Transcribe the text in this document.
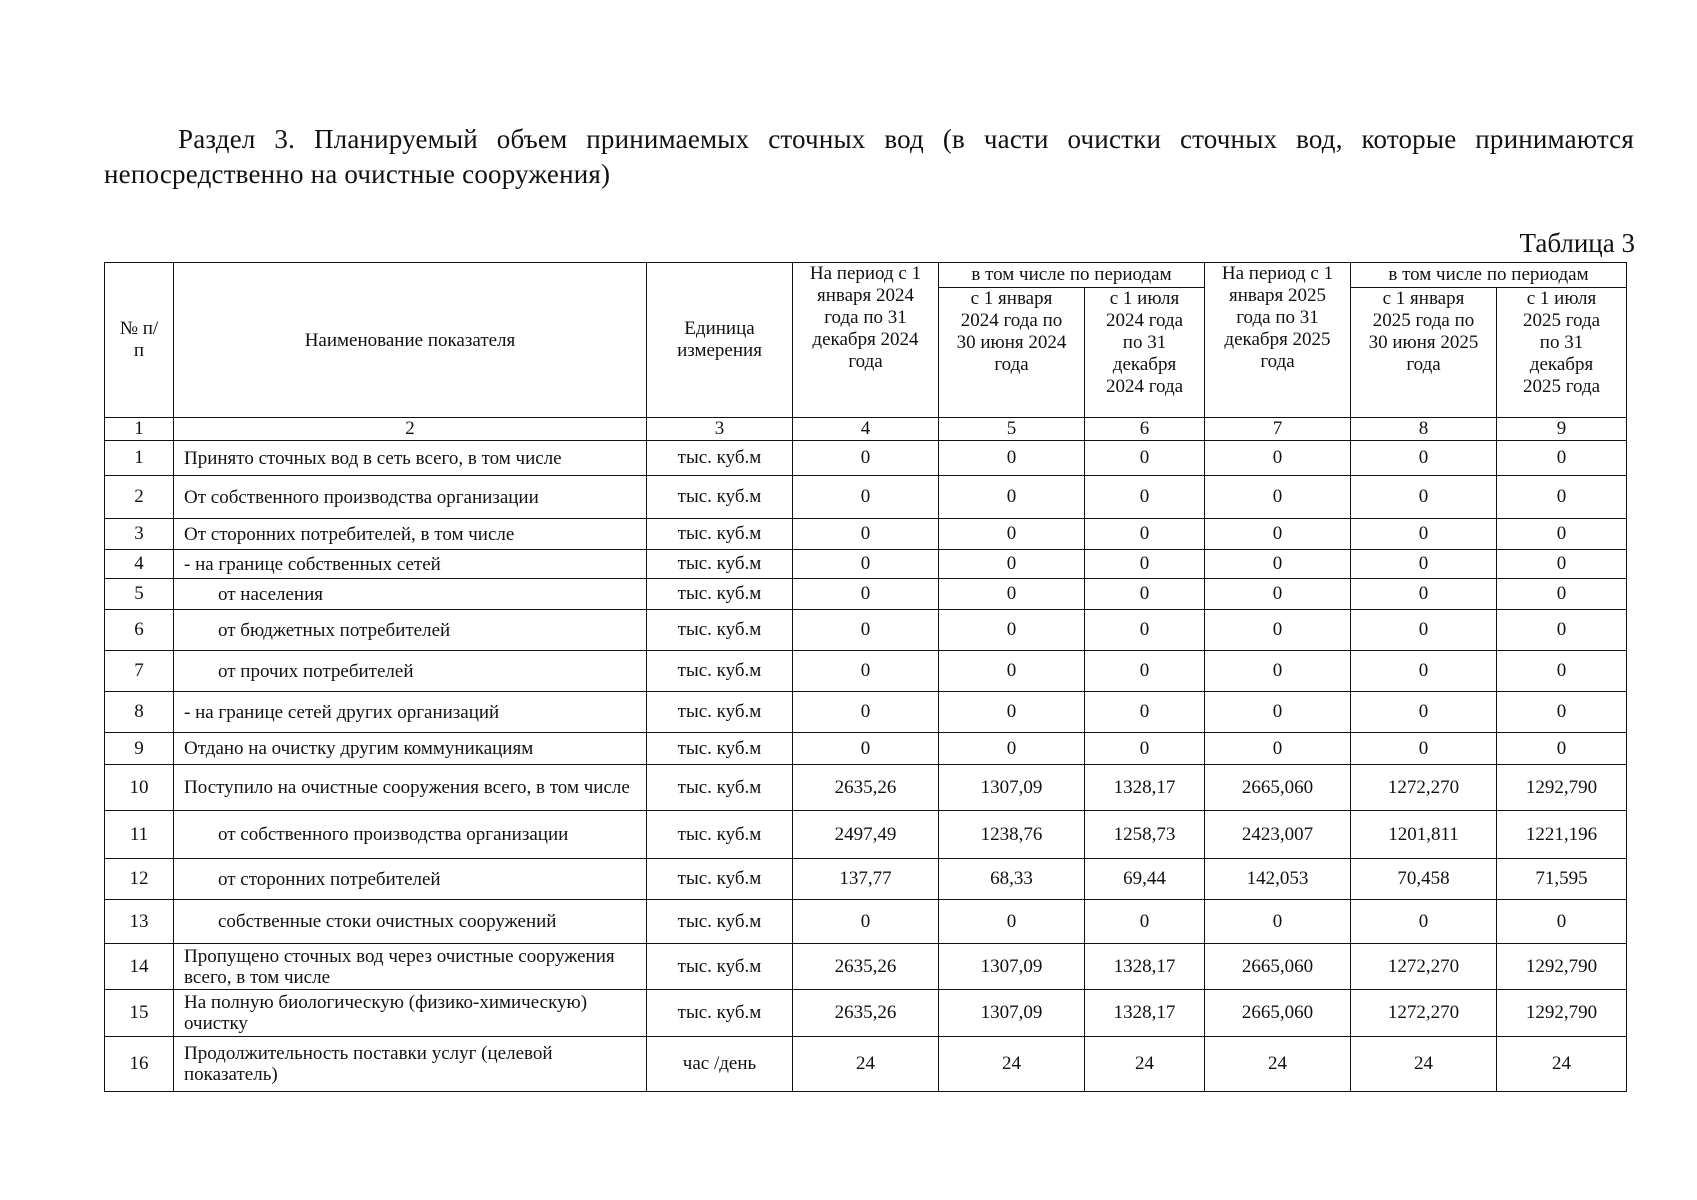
Раздел 3. Планируемый объем принимаемых сточных вод (в части очистки сточных вод, которые принимаются непосредственно на очистные сооружения)
Таблица 3
№ п/п	Наименование показателя	Единица измерения	На период с 1 января 2024 года по 31 декабря 2024 года	в том числе по периодам		На период с 1 января 2025 года по 31 декабря 2025 года	в том числе по периодам	
				с 1 января 2024 года по 30 июня 2024 года	с 1 июля 2024 года по 31 декабря 2024 года		с 1 января 2025 года по 30 июня 2025 года	с 1 июля 2025 года по 31 декабря 2025 года
1	2	3	4	5	6	7	8	9
1	Принято сточных вод в сеть всего, в том числе	тыс. куб.м	0	0	0	0	0	0
2	От собственного производства организации	тыс. куб.м	0	0	0	0	0	0
3	От сторонних потребителей, в том числе	тыс. куб.м	0	0	0	0	0	0
4	- на границе собственных сетей	тыс. куб.м	0	0	0	0	0	0
5	от населения	тыс. куб.м	0	0	0	0	0	0
6	от бюджетных потребителей	тыс. куб.м	0	0	0	0	0	0
7	от прочих потребителей	тыс. куб.м	0	0	0	0	0	0
8	- на границе сетей других организаций	тыс. куб.м	0	0	0	0	0	0
9	Отдано на очистку другим коммуникациям	тыс. куб.м	0	0	0	0	0	0
10	Поступило на очистные сооружения всего, в том числе	тыс. куб.м	2635,26	1307,09	1328,17	2665,060	1272,270	1292,790
11	от собственного производства организации	тыс. куб.м	2497,49	1238,76	1258,73	2423,007	1201,811	1221,196
12	от сторонних потребителей	тыс. куб.м	137,77	68,33	69,44	142,053	70,458	71,595
13	собственные стоки очистных сооружений	тыс. куб.м	0	0	0	0	0	0
14	Пропущено сточных вод через очистные сооружения всего, в том числе	тыс. куб.м	2635,26	1307,09	1328,17	2665,060	1272,270	1292,790
15	На полную биологическую (физико-химическую) очистку	тыс. куб.м	2635,26	1307,09	1328,17	2665,060	1272,270	1292,790
16	Продолжительность поставки услуг (целевой показатель)	час /день	24	24	24	24	24	24
